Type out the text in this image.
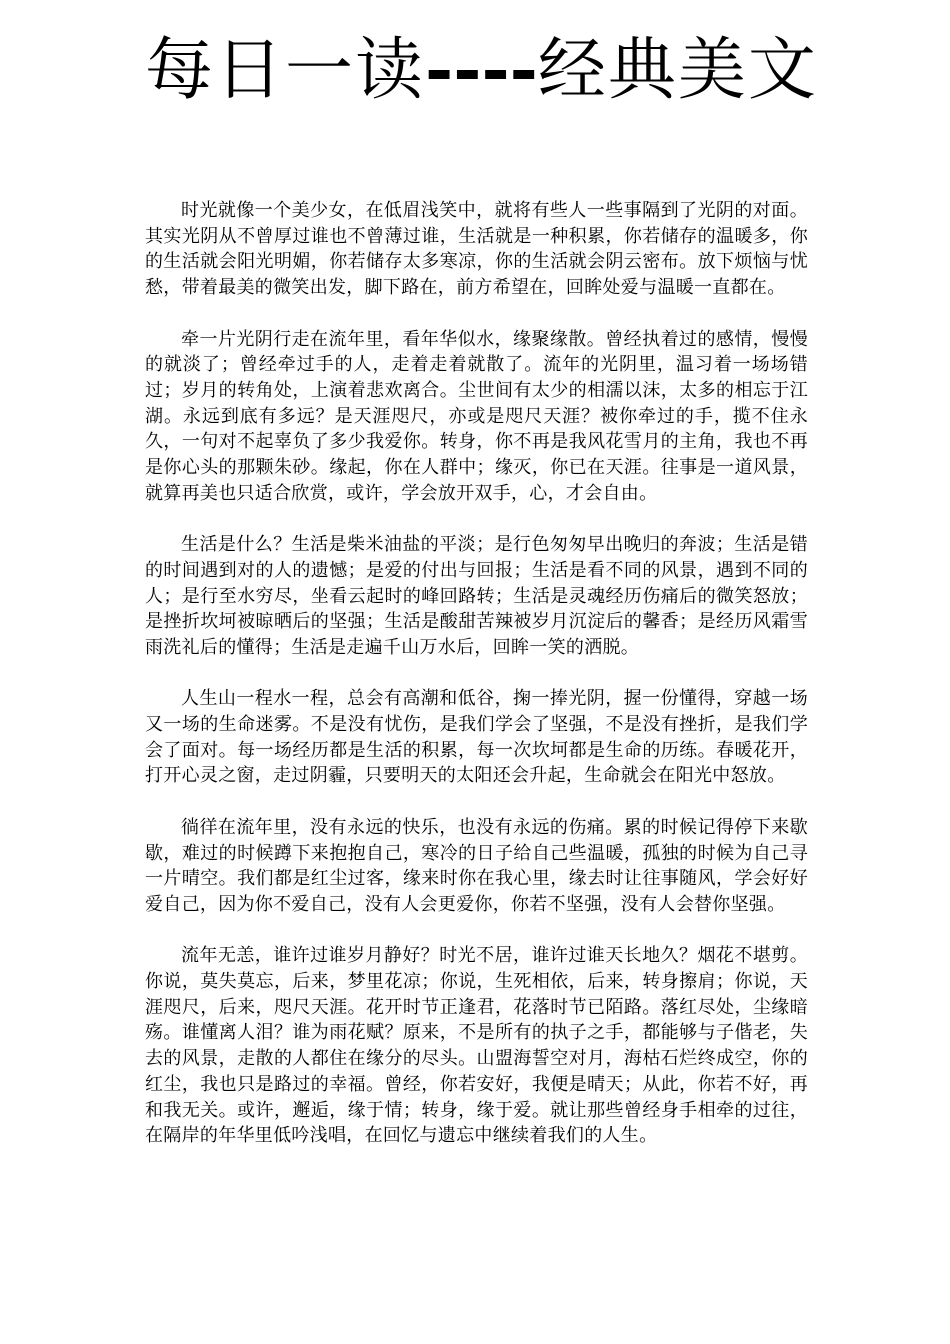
每日一读----经典美文

时光就像一个美少女，在低眉浅笑中，就将有些人一些事隔到了光阴的对面。其实光阴从不曾厚过谁也不曾薄过谁，生活就是一种积累，你若储存的温暖多，你的生活就会阳光明媚，你若储存太多寒凉，你的生活就会阴云密布。放下烦恼与忧愁，带着最美的微笑出发，脚下路在，前方希望在，回眸处爱与温暖一直都在。

牵一片光阴行走在流年里，看年华似水，缘聚缘散。曾经执着过的感情，慢慢的就淡了；曾经牵过手的人，走着走着就散了。流年的光阴里，温习着一场场错过；岁月的转角处，上演着悲欢离合。尘世间有太少的相濡以沫，太多的相忘于江湖。永远到底有多远？是天涯咫尺，亦或是咫尺天涯？被你牵过的手，揽不住永久，一句对不起辜负了多少我爱你。转身，你不再是我风花雪月的主角，我也不再是你心头的那颗朱砂。缘起，你在人群中；缘灭，你已在天涯。往事是一道风景，就算再美也只适合欣赏，或许，学会放开双手，心，才会自由。

生活是什么？生活是柴米油盐的平淡；是行色匆匆早出晚归的奔波；生活是错的时间遇到对的人的遗憾；是爱的付出与回报；生活是看不同的风景，遇到不同的人；是行至水穷尽，坐看云起时的峰回路转；生活是灵魂经历伤痛后的微笑怒放；是挫折坎坷被晾晒后的坚强；生活是酸甜苦辣被岁月沉淀后的馨香；是经历风霜雪雨洗礼后的懂得；生活是走遍千山万水后，回眸一笑的洒脱。

人生山一程水一程，总会有高潮和低谷，掬一捧光阴，握一份懂得，穿越一场又一场的生命迷雾。不是没有忧伤，是我们学会了坚强，不是没有挫折，是我们学会了面对。每一场经历都是生活的积累，每一次坎坷都是生命的历练。春暖花开，打开心灵之窗，走过阴霾，只要明天的太阳还会升起，生命就会在阳光中怒放。

徜徉在流年里，没有永远的快乐，也没有永远的伤痛。累的时候记得停下来歇歇，难过的时候蹲下来抱抱自己，寒冷的日子给自己些温暖，孤独的时候为自己寻一片晴空。我们都是红尘过客，缘来时你在我心里，缘去时让往事随风，学会好好爱自己，因为你不爱自己，没有人会更爱你，你若不坚强，没有人会替你坚强。

流年无恙，谁许过谁岁月静好？时光不居，谁许过谁天长地久？烟花不堪剪。你说，莫失莫忘，后来，梦里花凉；你说，生死相依，后来，转身擦肩；你说，天涯咫尺，后来，咫尺天涯。花开时节正逢君，花落时节已陌路。落红尽处，尘缘暗殇。谁懂离人泪？谁为雨花赋？原来，不是所有的执子之手，都能够与子偕老，失去的风景，走散的人都住在缘分的尽头。山盟海誓空对月，海枯石烂终成空，你的红尘，我也只是路过的幸福。曾经，你若安好，我便是晴天；从此，你若不好，再和我无关。或许，邂逅，缘于情；转身，缘于爱。就让那些曾经身手相牵的过往，在隔岸的年华里低吟浅唱，在回忆与遗忘中继续着我们的人生。
